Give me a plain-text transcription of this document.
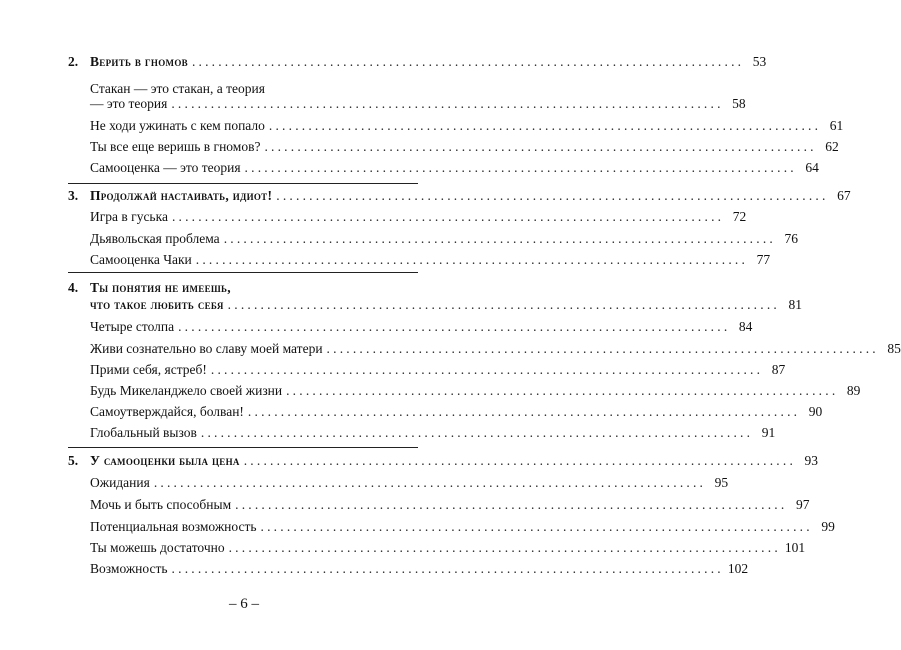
2. Верить в гномов .................................................................................... 53
Стакан — это стакан, а теория
— это теория .................................................................................... 58
Не ходи ужинать с кем попало .................................................................................... 61
Ты все еще веришь в гномов? .................................................................................... 62
Самооценка — это теория .................................................................................... 64
3. Продолжай настаивать, идиот! .................................................................................... 67
Игра в гуська .................................................................................... 72
Дьявольская проблема .................................................................................... 76
Самооценка Чаки .................................................................................... 77
4. Ты понятия не имеешь,
что такое любить себя .................................................................................... 81
Четыре столпа .................................................................................... 84
Живи сознательно во славу моей матери .................................................................................... 85
Прими себя, ястреб! .................................................................................... 87
Будь Микеланджело своей жизни .................................................................................... 89
Самоутверждайся, болван! .................................................................................... 90
Глобальный вызов .................................................................................... 91
5. У самооценки была цена .................................................................................... 93
Ожидания .................................................................................... 95
Мочь и быть способным .................................................................................... 97
Потенциальная возможность .................................................................................... 99
Ты можешь достаточно .................................................................................... 101
Возможность .................................................................................... 102
– 6 –
